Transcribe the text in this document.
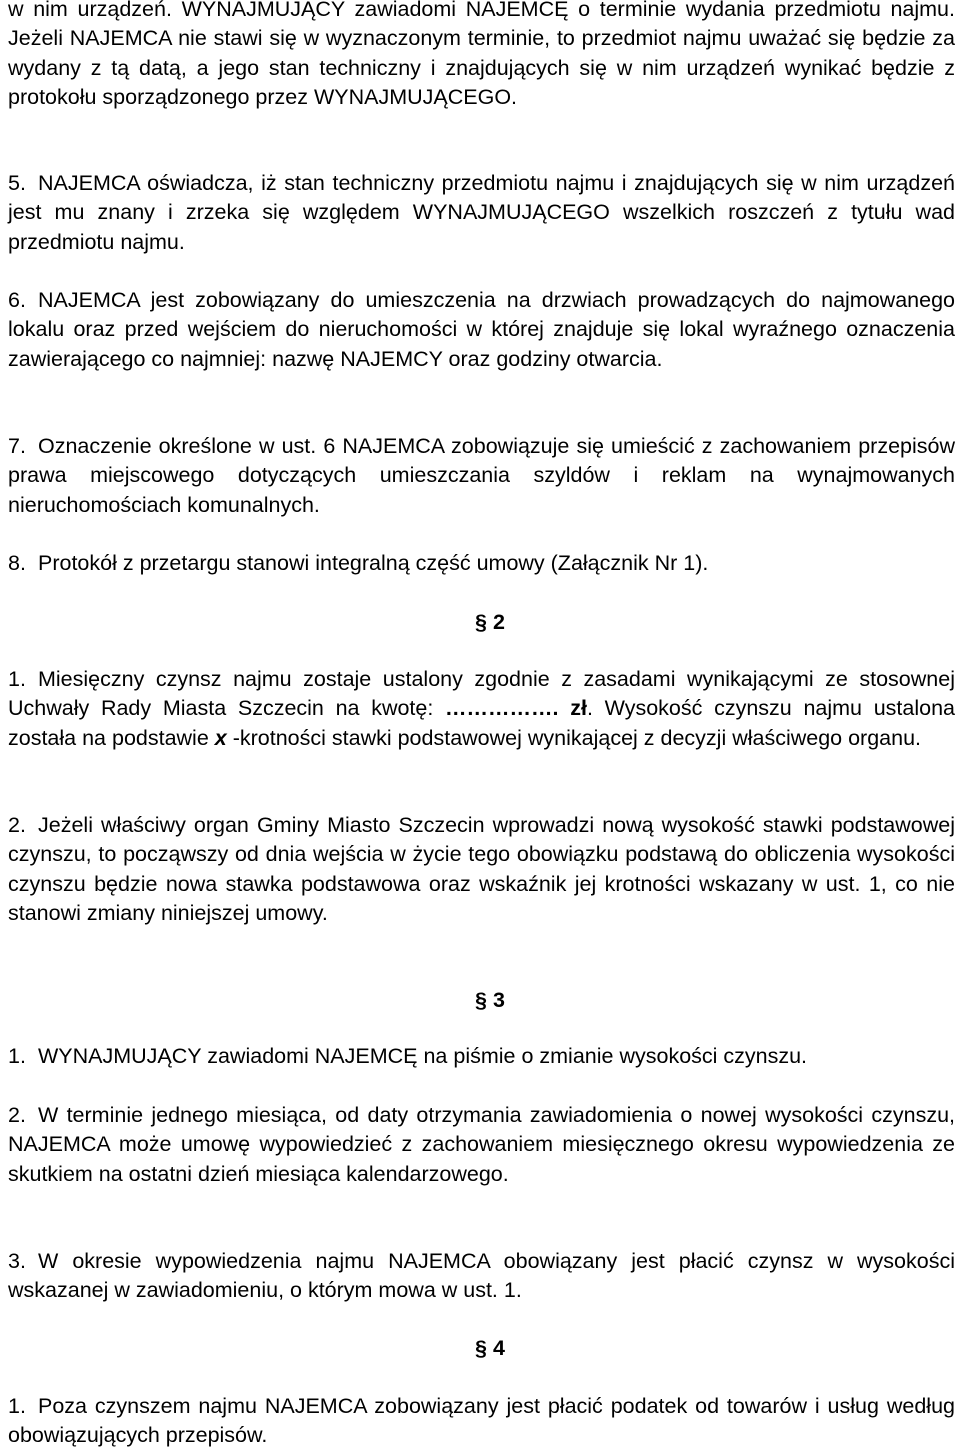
w nim urządzeń. WYNAJMUJĄCY zawiadomi NAJEMCĘ o terminie wydania przedmiotu najmu. Jeżeli NAJEMCA nie stawi się w wyznaczonym terminie, to przedmiot najmu uważać się będzie za wydany z tą datą, a jego stan techniczny i znajdujących się w nim urządzeń wynikać będzie z protokołu sporządzonego przez WYNAJMUJĄCEGO.

5. NAJEMCA oświadcza, iż stan techniczny przedmiotu najmu i znajdujących się w nim urządzeń jest mu znany i zrzeka się względem WYNAJMUJĄCEGO wszelkich roszczeń z tytułu wad przedmiotu najmu.

6. NAJEMCA jest zobowiązany do umieszczenia na drzwiach prowadzących do najmowanego lokalu oraz przed wejściem do nieruchomości w której znajduje się lokal wyraźnego oznaczenia zawierającego co najmniej: nazwę NAJEMCY oraz godziny otwarcia.

7. Oznaczenie określone w ust. 6 NAJEMCA zobowiązuje się umieścić z zachowaniem przepisów prawa miejscowego dotyczących umieszczania szyldów i reklam na wynajmowanych nieruchomościach komunalnych.

8. Protokół z przetargu stanowi integralną część umowy (Załącznik Nr 1).

§ 2

1. Miesięczny czynsz najmu zostaje ustalony zgodnie z zasadami wynikającymi ze stosownej Uchwały Rady Miasta Szczecin na kwotę: ……………. zł. Wysokość czynszu najmu ustalona została na podstawie x -krotności stawki podstawowej wynikającej z decyzji właściwego organu.

2. Jeżeli właściwy organ Gminy Miasto Szczecin wprowadzi nową wysokość stawki podstawowej czynszu, to począwszy od dnia wejścia w życie tego obowiązku podstawą do obliczenia wysokości czynszu będzie nowa stawka podstawowa oraz wskaźnik jej krotności wskazany w ust. 1, co nie stanowi zmiany niniejszej umowy.

§ 3

1. WYNAJMUJĄCY zawiadomi NAJEMCĘ na piśmie o zmianie wysokości czynszu.

2. W terminie jednego miesiąca, od daty otrzymania zawiadomienia o nowej wysokości czynszu, NAJEMCA może umowę wypowiedzieć z zachowaniem miesięcznego okresu wypowiedzenia ze skutkiem na ostatni dzień miesiąca kalendarzowego.

3. W okresie wypowiedzenia najmu NAJEMCA obowiązany jest płacić czynsz w wysokości wskazanej w zawiadomieniu, o którym mowa w ust. 1.

§ 4

1. Poza czynszem najmu NAJEMCA zobowiązany jest płacić podatek od towarów i usług według obowiązujących przepisów.
